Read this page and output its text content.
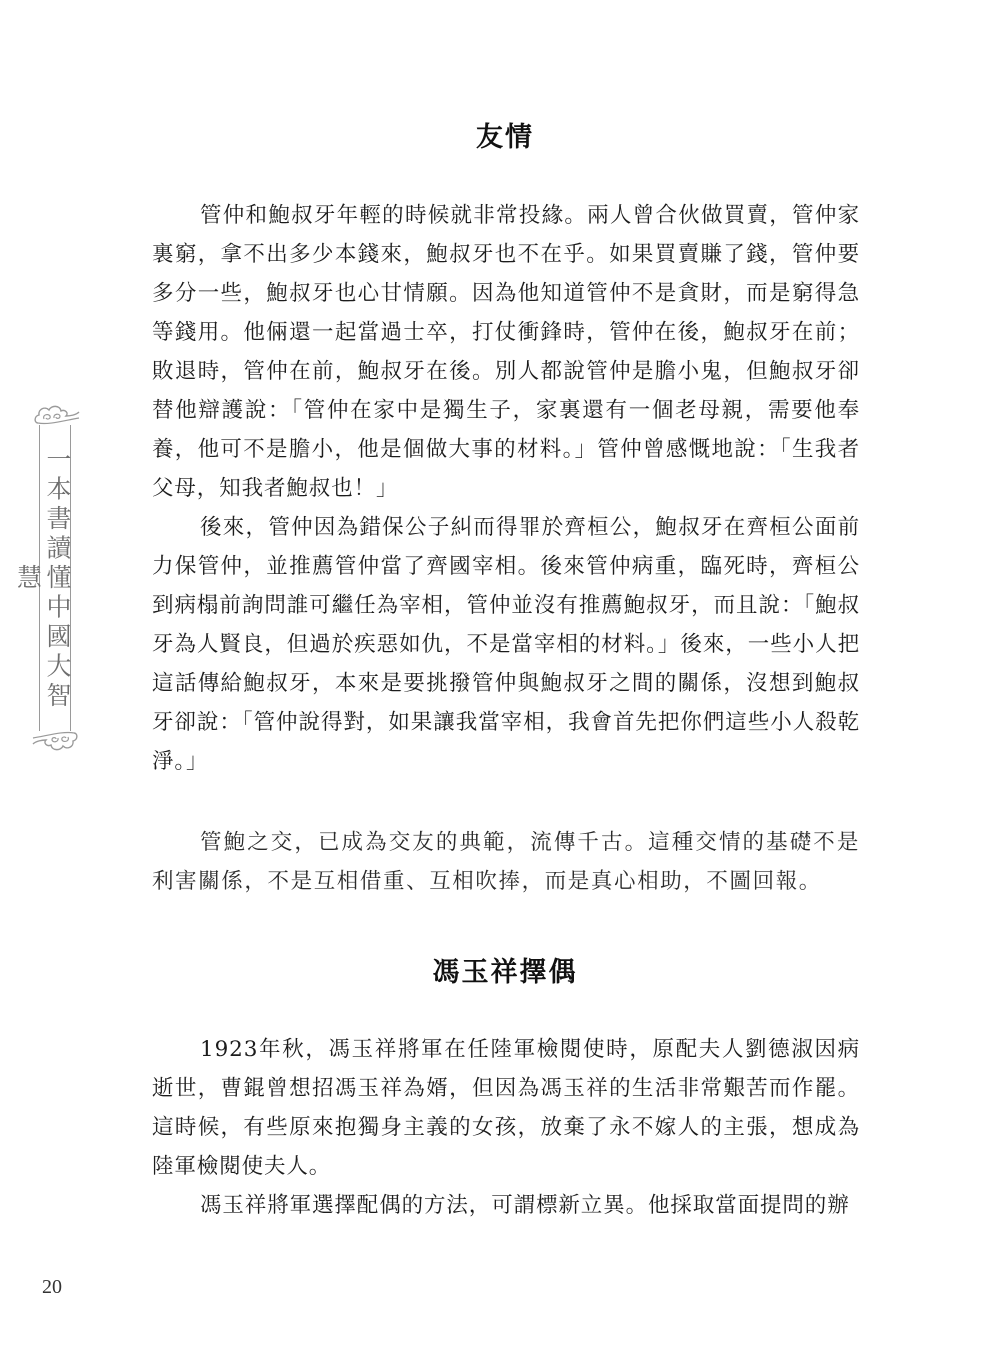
一本書讀懂中國大智慧
友情

管仲和鮑叔牙年輕的時候就非常投緣。兩人曾合伙做買賣，管仲家裏窮，拿不出多少本錢來，鮑叔牙也不在乎。如果買賣賺了錢，管仲要多分一些，鮑叔牙也心甘情願。因為他知道管仲不是貪財，而是窮得急等錢用。他倆還一起當過士卒，打仗衝鋒時，管仲在後，鮑叔牙在前；敗退時，管仲在前，鮑叔牙在後。別人都說管仲是膽小鬼，但鮑叔牙卻替他辯護說：「管仲在家中是獨生子，家裏還有一個老母親，需要他奉養，他可不是膽小，他是個做大事的材料。」管仲曾感慨地說：「生我者父母，知我者鮑叔也！」

後來，管仲因為錯保公子糾而得罪於齊桓公，鮑叔牙在齊桓公面前力保管仲，並推薦管仲當了齊國宰相。後來管仲病重，臨死時，齊桓公到病榻前詢問誰可繼任為宰相，管仲並沒有推薦鮑叔牙，而且說：「鮑叔牙為人賢良，但過於疾惡如仇，不是當宰相的材料。」後來，一些小人把這話傳給鮑叔牙，本來是要挑撥管仲與鮑叔牙之間的關係，沒想到鮑叔牙卻說：「管仲說得對，如果讓我當宰相，我會首先把你們這些小人殺乾淨。」

管鮑之交，已成為交友的典範，流傳千古。這種交情的基礎不是利害關係，不是互相借重、互相吹捧，而是真心相助，不圖回報。

馮玉祥擇偶

1923年秋，馮玉祥將軍在任陸軍檢閱使時，原配夫人劉德淑因病逝世，曹錕曾想招馮玉祥為婿，但因為馮玉祥的生活非常艱苦而作罷。這時候，有些原來抱獨身主義的女孩，放棄了永不嫁人的主張，想成為陸軍檢閱使夫人。

馮玉祥將軍選擇配偶的方法，可謂標新立異。他採取當面提問的辦

20
